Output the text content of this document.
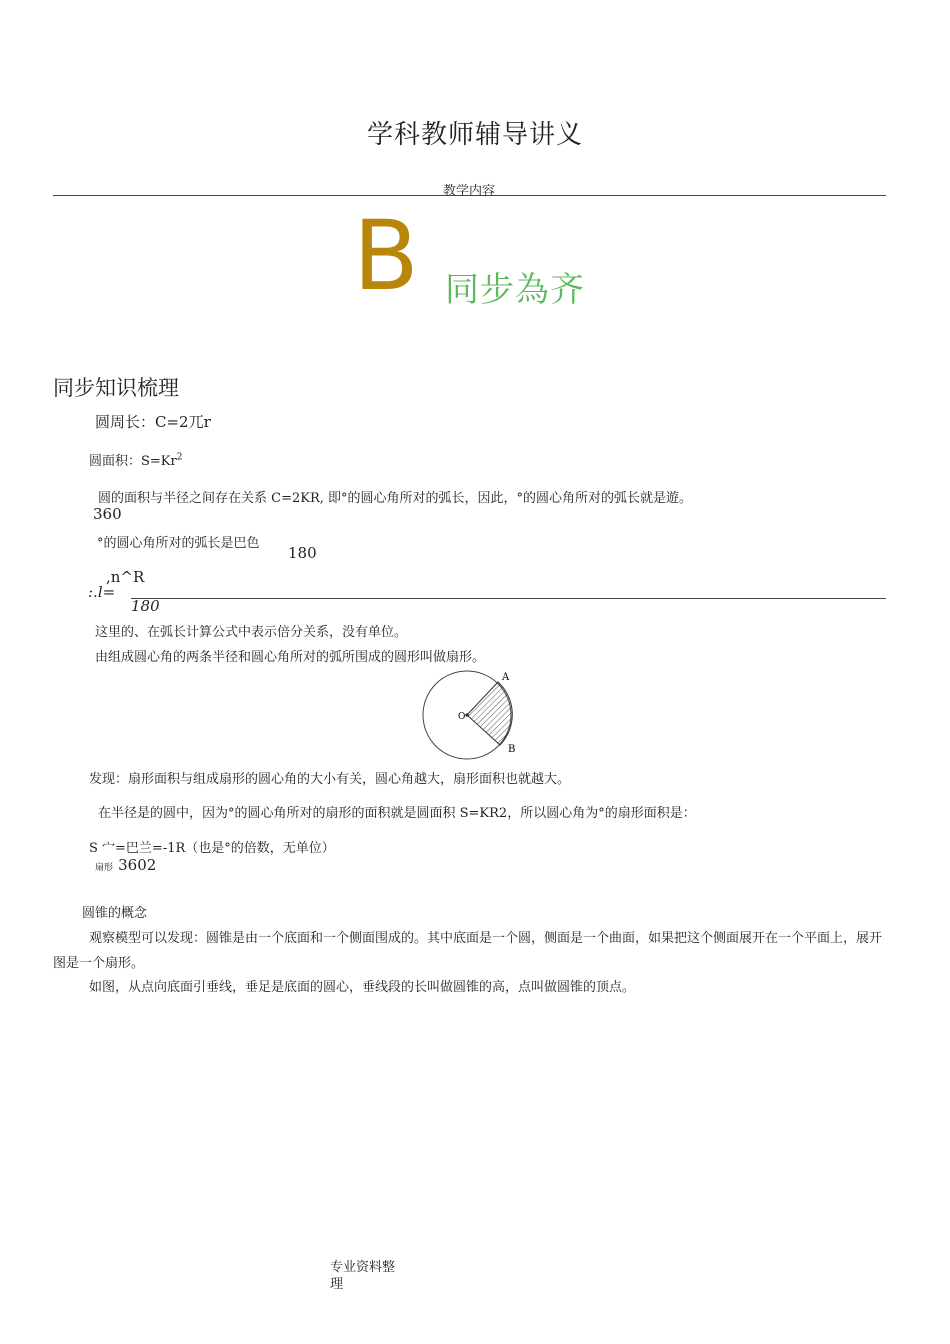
学科教师辅导讲义
教学内容
B 同步為齐
同步知识梳理
圆周长：C=2兀r
圆面积：$S=Kr^2$
圆的面积与半径之间存在关系 C=2KR, 即°的圆心角所对的弧长，因此，°的圆心角所对的弧长就是遊。
360
°的圆心角所对的弧长是巴色
180
,n^R
:.l=
180
这里的、在弧长计算公式中表示倍分关系，没有单位。
由组成圆心角的两条半径和圆心角所对的弧所围成的圆形叫做扇形。
A
B
O
发现：扇形面积与组成扇形的圆心角的大小有关，圆心角越大，扇形面积也就越大。
在半径是的圆中，因为°的圆心角所对的扇形的面积就是圆面积 S=KR2，所以圆心角为°的扇形面积是：
S 宀=巴兰=-1R（也是°的倍数，无单位）
扇形 3602
圆锥的概念
观察模型可以发现：圆锥是由一个底面和一个侧面围成的。其中底面是一个圆，侧面是一个曲面，如果把这个侧面展开在一个平面上，展开图是一个扇形。
如图，从点向底面引垂线，垂足是底面的圆心，垂线段的长叫做圆锥的高，点叫做圆锥的顶点。
专业资料整
理
